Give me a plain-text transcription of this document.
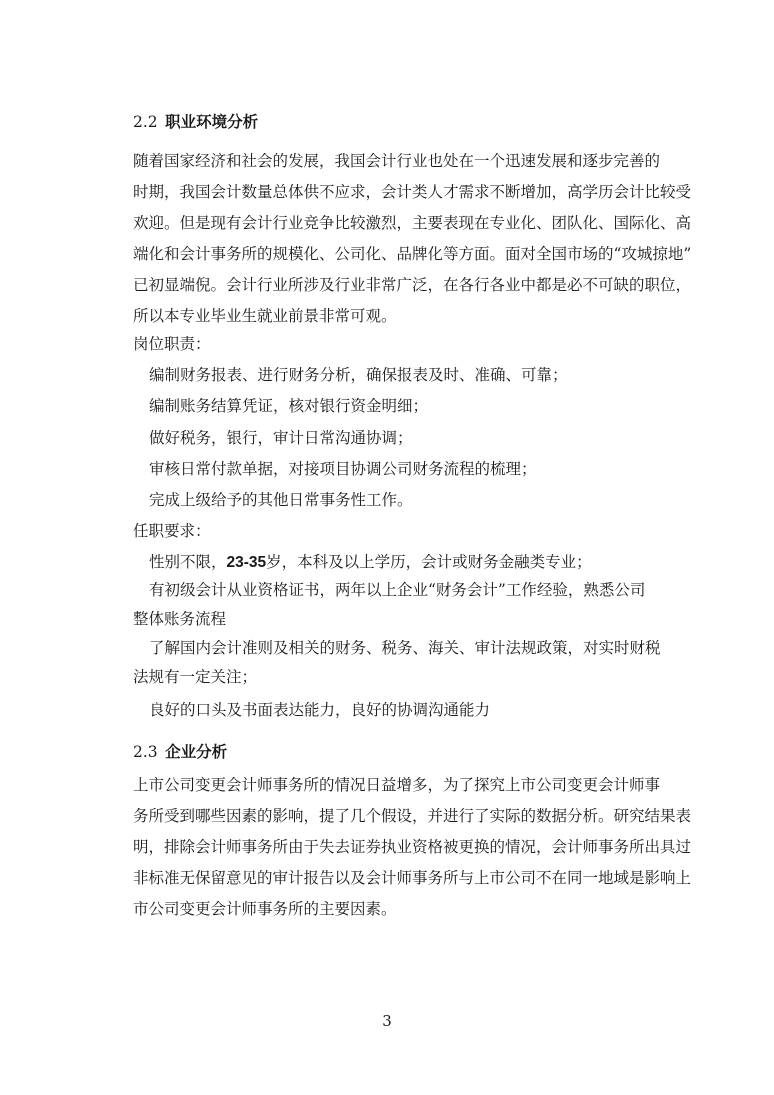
2.2 职业环境分析
随着国家经济和社会的发展，我国会计行业也处在一个迅速发展和逐步完善的
时期，我国会计数量总体供不应求，会计类人才需求不断增加，高学历会计比较受
欢迎。但是现有会计行业竞争比较激烈，主要表现在专业化、团队化、国际化、高
端化和会计事务所的规模化、公司化、品牌化等方面。面对全国市场的“攻城掠地”
已初显端倪。会计行业所涉及行业非常广泛，在各行各业中都是必不可缺的职位，
所以本专业毕业生就业前景非常可观。
岗位职责：
编制财务报表、进行财务分析，确保报表及时、准确、可靠；
编制账务结算凭证，核对银行资金明细；
做好税务，银行，审计日常沟通协调；
审核日常付款单据，对接项目协调公司财务流程的梳理；
完成上级给予的其他日常事务性工作。
任职要求：
性别不限，23-35岁，本科及以上学历，会计或财务金融类专业；
有初级会计从业资格证书，两年以上企业“财务会计”工作经验，熟悉公司
整体账务流程
了解国内会计准则及相关的财务、税务、海关、审计法规政策，对实时财税
法规有一定关注；
良好的口头及书面表达能力，良好的协调沟通能力
2.3 企业分析
上市公司变更会计师事务所的情况日益增多，为了探究上市公司变更会计师事
务所受到哪些因素的影响，提了几个假设，并进行了实际的数据分析。研究结果表
明，排除会计师事务所由于失去证券执业资格被更换的情况，会计师事务所出具过
非标准无保留意见的审计报告以及会计师事务所与上市公司不在同一地域是影响上
市公司变更会计师事务所的主要因素。
3
